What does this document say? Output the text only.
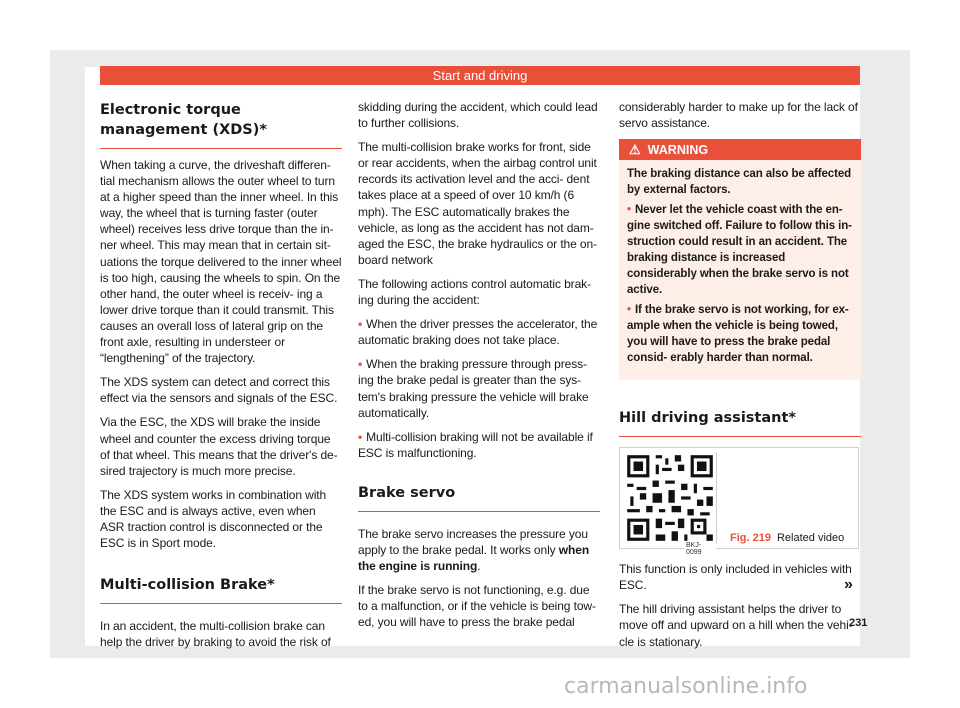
Start and driving
Electronic torque management (XDS)*

When taking a curve, the driveshaft differen- tial mechanism allows the outer wheel to turn at a higher speed than the inner wheel. In this way, the wheel that is turning faster (outer wheel) receives less drive torque than the in- ner wheel. This may mean that in certain sit- uations the torque delivered to the inner wheel is too high, causing the wheels to spin. On the other hand, the outer wheel is receiv- ing a lower drive torque than it could transmit. This causes an overall loss of lateral grip on the front axle, resulting in understeer or “lengthening” of the trajectory.

The XDS system can detect and correct this effect via the sensors and signals of the ESC.

Via the ESC, the XDS will brake the inside wheel and counter the excess driving torque of that wheel. This means that the driver's de- sired trajectory is much more precise.

The XDS system works in combination with the ESC and is always active, even when ASR traction control is disconnected or the ESC is in Sport mode.

Multi-collision Brake*

In an accident, the multi-collision brake can help the driver by braking to avoid the risk of

skidding during the accident, which could lead to further collisions.

The multi-collision brake works for front, side or rear accidents, when the airbag control unit records its activation level and the acci- dent takes place at a speed of over 10 km/h (6 mph). The ESC automatically brakes the vehicle, as long as the accident has not dam- aged the ESC, the brake hydraulics or the on- board network

The following actions control automatic brak- ing during the accident:

• When the driver presses the accelerator, the automatic braking does not take place.

• When the braking pressure through press- ing the brake pedal is greater than the sys- tem's braking pressure the vehicle will brake automatically.

• Multi-collision braking will not be available if ESC is malfunctioning.

Brake servo

The brake servo increases the pressure you apply to the brake pedal. It works only when the engine is running.

If the brake servo is not functioning, e.g. due to a malfunction, or if the vehicle is being tow- ed, you will have to press the brake pedal

considerably harder to make up for the lack of servo assistance.

⚠ WARNING

The braking distance can also be affected by external factors.

• Never let the vehicle coast with the en- gine switched off. Failure to follow this in- struction could result in an accident. The braking distance is increased considerably when the brake servo is not active.

• If the brake servo is not working, for ex- ample when the vehicle is being towed, you will have to press the brake pedal consid- erably harder than normal.

Hill driving assistant*
BKJ-0099
Fig. 219 Related video

This function is only included in vehicles with ESC.

The hill driving assistant helps the driver to move off and upward on a hill when the vehi- cle is stationary.

»
231
carmanualsonline.info
